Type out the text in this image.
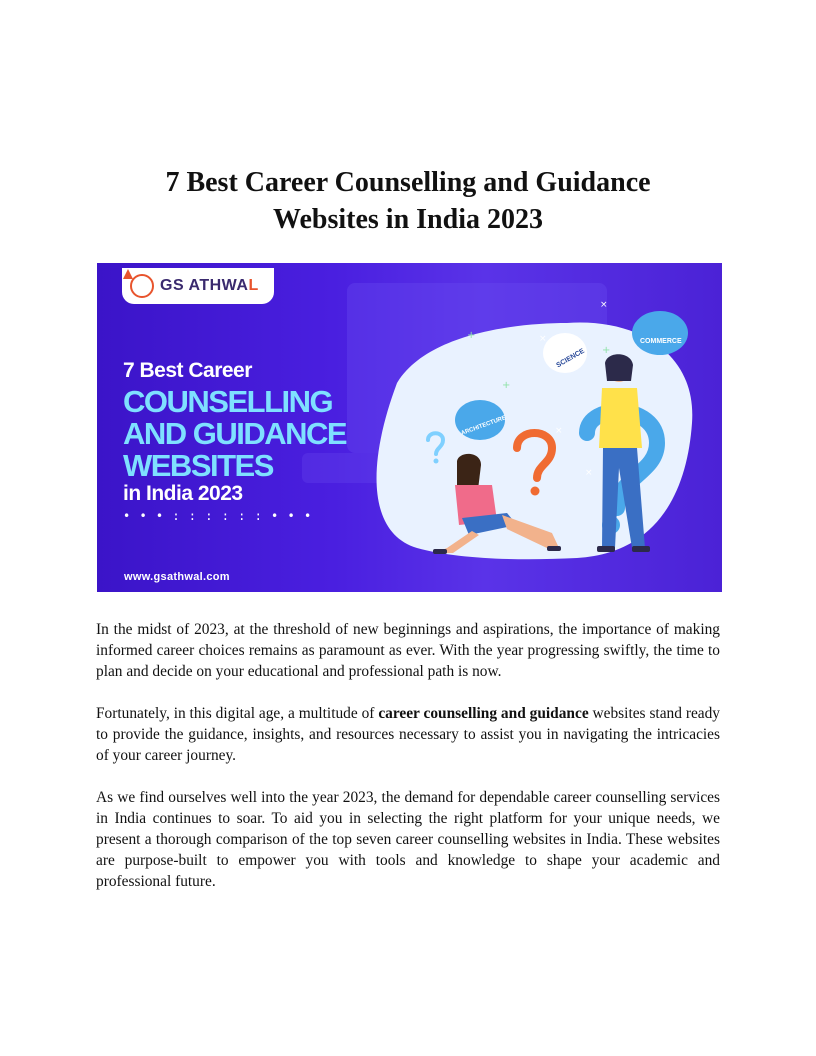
7 Best Career Counselling and Guidance
Websites in India 2023
+	×
×
+
+
×
×
GS ATHWAL
7 Best Career
COUNSELLING
AND GUIDANCE
WEBSITES
in India 2023
• • • : : : : : : • • •
www.gsathwal.com
COMMERCE
SCIENCE
ARCHITECTURE

In the midst of 2023, at the threshold of new beginnings and aspirations, the importance of making informed career choices remains as paramount as ever. With the year progressing swiftly, the time to plan and decide on your educational and professional path is now.

Fortunately, in this digital age, a multitude of career counselling and guidance websites stand ready to provide the guidance, insights, and resources necessary to assist you in navigating the intricacies of your career journey.

As we find ourselves well into the year 2023, the demand for dependable career counselling services in India continues to soar. To aid you in selecting the right platform for your unique needs, we present a thorough comparison of the top seven career counselling websites in India. These websites are purpose-built to empower you with tools and knowledge to shape your academic and professional future.
